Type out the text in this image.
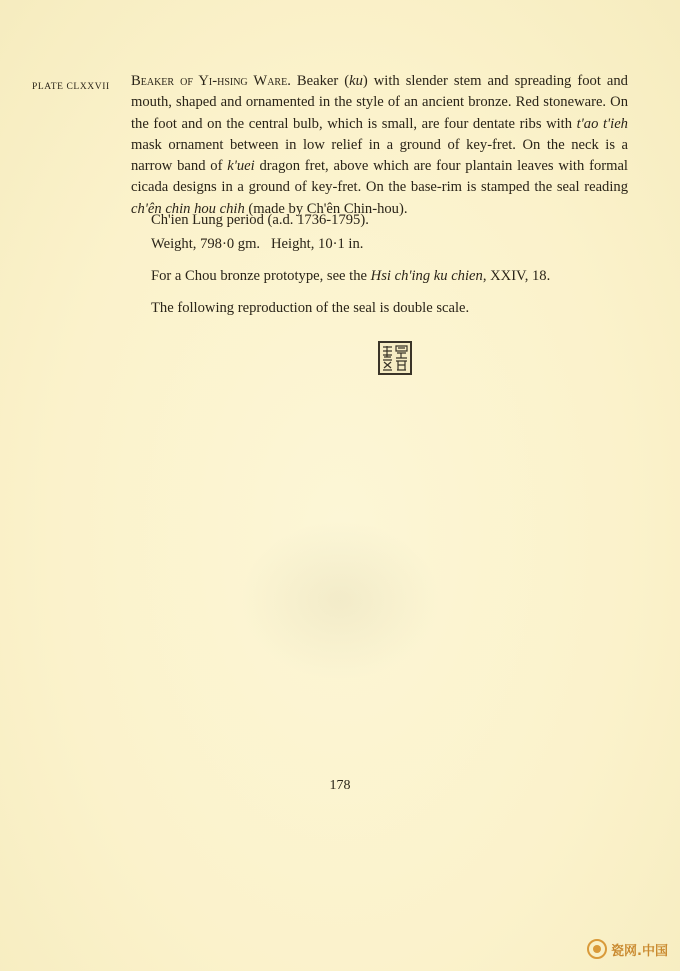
PLATE CLXXVII Beaker of Yi-hsing Ware. Beaker (ku) with slender stem and spreading foot and mouth, shaped and ornamented in the style of an ancient bronze. Red stoneware. On the foot and on the central bulb, which is small, are four dentate ribs with t'ao t'ieh mask ornament between in low relief in a ground of key-fret. On the neck is a narrow band of k'uei dragon fret, above which are four plantain leaves with formal cicada designs in a ground of key-fret. On the base-rim is stamped the seal reading ch'ên chin hou chih (made by Ch'ên Chin-hou).

Ch'ien Lung period (a.d. 1736-1795).
Weight, 798·0 gm.   Height, 10·1 in.
For a Chou bronze prototype, see the Hsi ch'ing ku chien, XXIV, 18.
The following reproduction of the seal is double scale.
178
瓷网.中国
